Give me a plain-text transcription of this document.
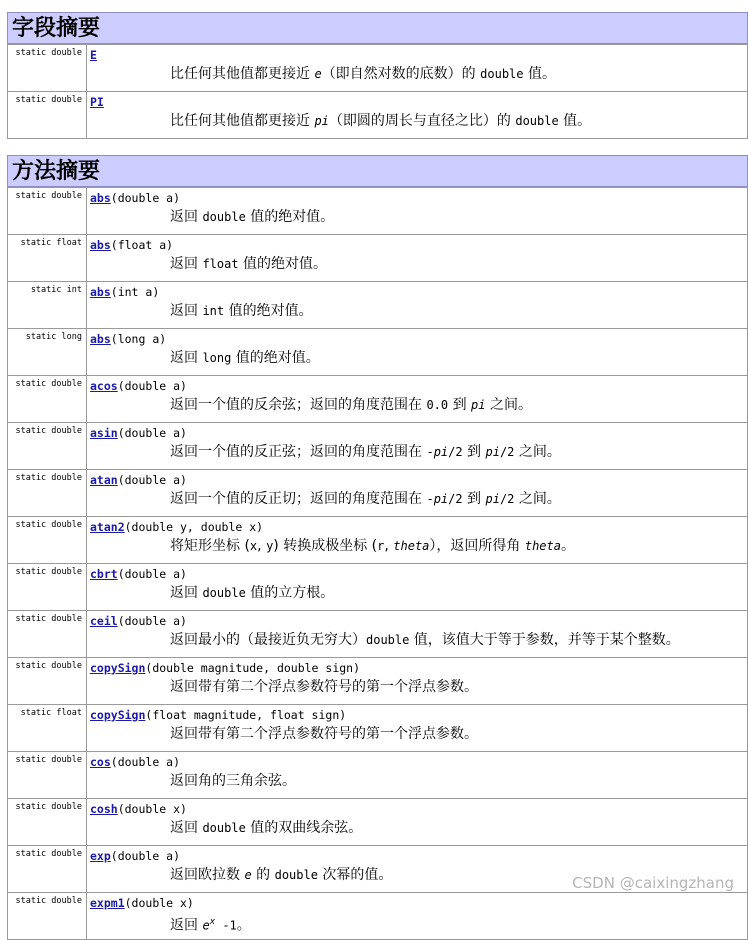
字段摘要
static double	E
比任何其他值都更接近 e（即自然对数的底数）的 double 值。

static double	PI
比任何其他值都更接近 pi（即圆的周长与直径之比）的 double 值。
方法摘要
static double	abs(double a)
返回 double 值的绝对值。

static float	abs(float a)
返回 float 值的绝对值。

static int	abs(int a)
返回 int 值的绝对值。

static long	abs(long a)
返回 long 值的绝对值。

static double	acos(double a)
返回一个值的反余弦；返回的角度范围在 0.0 到 pi 之间。

static double	asin(double a)
返回一个值的反正弦；返回的角度范围在 -pi/2 到 pi/2 之间。

static double	atan(double a)
返回一个值的反正切；返回的角度范围在 -pi/2 到 pi/2 之间。

static double	atan2(double y, double x)
将矩形坐标 (x, y) 转换成极坐标 (r, theta），返回所得角 theta。

static double	cbrt(double a)
返回 double 值的立方根。

static double	ceil(double a)
返回最小的（最接近负无穷大）double 值，该值大于等于参数，并等于某个整数。

static double	copySign(double magnitude, double sign)
返回带有第二个浮点参数符号的第一个浮点参数。

static float	copySign(float magnitude, float sign)
返回带有第二个浮点参数符号的第一个浮点参数。

static double	cos(double a)
返回角的三角余弦。

static double	cosh(double x)
返回 double 值的双曲线余弦。

static double	exp(double a)
返回欧拉数 e 的 double 次幂的值。

static double	expm1(double x)
返回 $e^x$ -1。
CSDN @caixingzhang
